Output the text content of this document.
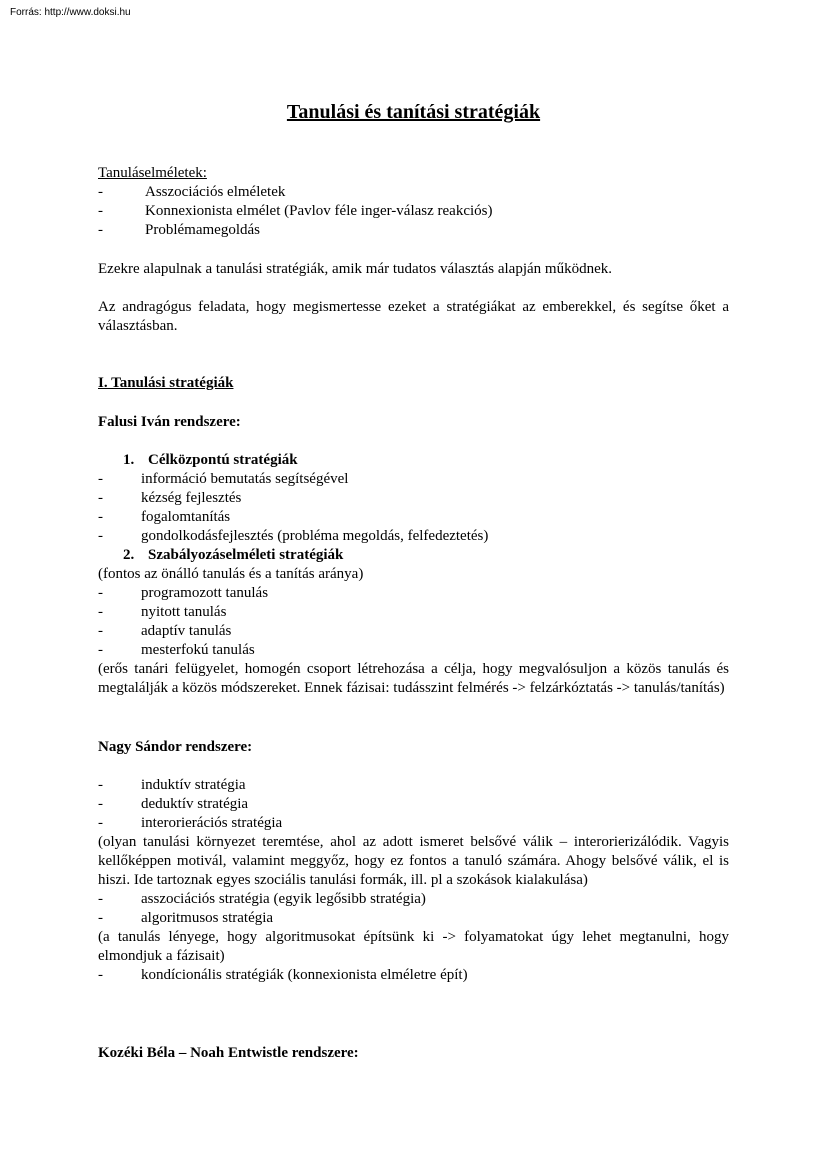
Forrás: http://www.doksi.hu
Tanulási és tanítási stratégiák
Tanuláselméletek:
-	Asszociációs elméletek
-	Konnexionista elmélet (Pavlov féle inger-válasz reakciós)
-	Problémamegoldás
Ezekre alapulnak a tanulási stratégiák, amik már tudatos választás alapján működnek.
Az andragógus feladata, hogy megismertesse ezeket a stratégiákat az emberekkel, és segítse őket a választásban.
I. Tanulási stratégiák
Falusi Iván rendszere:
1. Célközpontú stratégiák
-	információ bemutatás segítségével
-	kézség fejlesztés
-	fogalomtanítás
-	gondolkodásfejlesztés (probléma megoldás, felfedeztetés)
2. Szabályozáselméleti stratégiák
(fontos az önálló tanulás és a tanítás aránya)
-	programozott tanulás
-	nyitott tanulás
-	adaptív tanulás
-	mesterfokú tanulás
(erős tanári felügyelet, homogén csoport létrehozása a célja, hogy megvalósuljon a közös tanulás és megtalálják a közös módszereket. Ennek fázisai: tudásszint felmérés -> felzárkóztatás -> tanulás/tanítás)
Nagy Sándor rendszere:
-	induktív stratégia
-	deduktív stratégia
-	interorierációs stratégia
(olyan tanulási környezet teremtése, ahol az adott ismeret belsővé válik – interorierizálódik. Vagyis kellőképpen motivál, valamint meggyőz, hogy ez fontos a tanuló számára. Ahogy belsővé válik, el is hiszi. Ide tartoznak egyes szociális tanulási formák, ill. pl a szokások kialakulása)
-	asszociációs stratégia (egyik legősibb stratégia)
-	algoritmusos stratégia
(a tanulás lényege, hogy algoritmusokat építsünk ki -> folyamatokat úgy lehet megtanulni, hogy elmondjuk a fázisait)
-	kondícionális stratégiák (konnexionista elméletre épít)
Kozéki Béla – Noah Entwistle rendszere:
